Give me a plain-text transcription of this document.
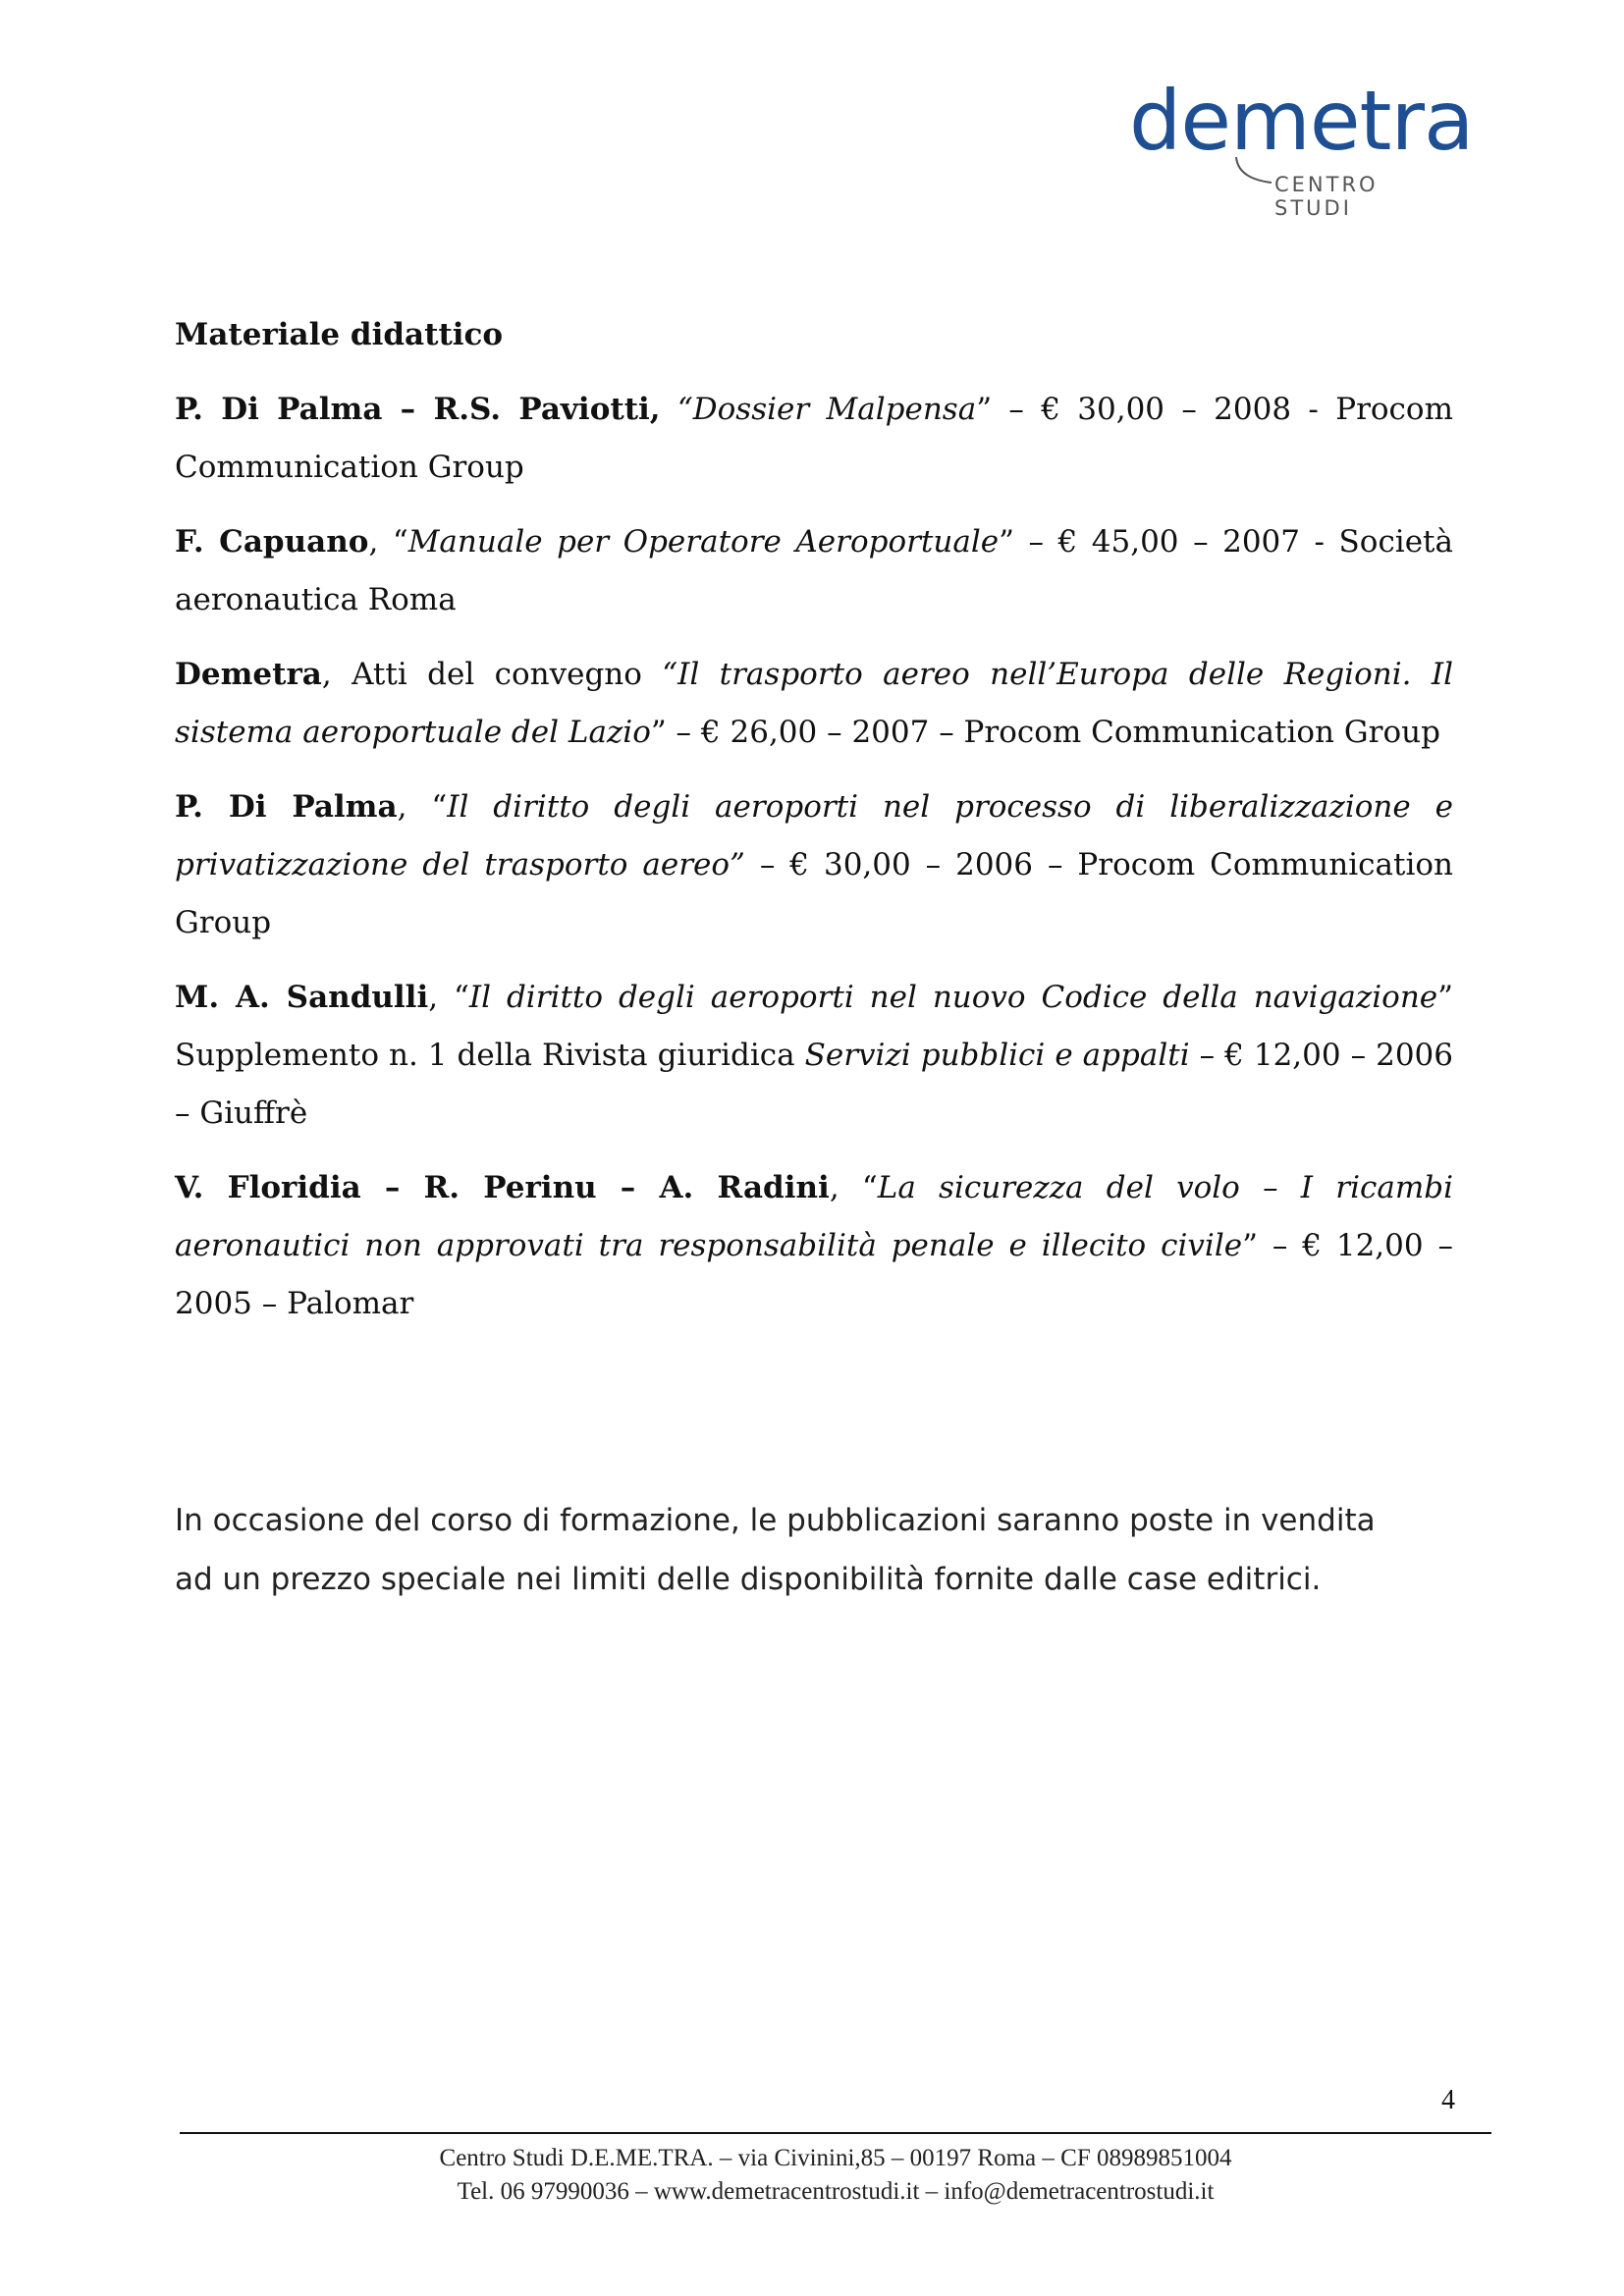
demetra
CENTRO STUDI

Materiale didattico

P. Di Palma – R.S. Paviotti, “Dossier Malpensa” – € 30,00 – 2008 - Procom Communication Group

F. Capuano, “Manuale per Operatore Aeroportuale” – € 45,00 – 2007 - Società aeronautica Roma

Demetra, Atti del convegno “Il trasporto aereo nell’Europa delle Regioni. Il sistema aeroportuale del Lazio” – € 26,00 – 2007 – Procom Communication Group

P. Di Palma, “Il diritto degli aeroporti nel processo di liberalizzazione e privatizzazione del trasporto aereo” – € 30,00 – 2006 – Procom Communication Group

M. A. Sandulli, “Il diritto degli aeroporti nel nuovo Codice della navigazione” Supplemento n. 1 della Rivista giuridica Servizi pubblici e appalti – € 12,00 – 2006 – Giuffrè

V. Floridia – R. Perinu – A. Radini, “La sicurezza del volo – I ricambi aeronautici non approvati tra responsabilità penale e illecito civile” – € 12,00 – 2005 – Palomar

In occasione del corso di formazione, le pubblicazioni saranno poste in vendita

ad un prezzo speciale nei limiti delle disponibilità fornite dalle case editrici.

4
Centro Studi D.E.ME.TRA. – via Civinini,85 – 00197 Roma – CF 08989851004
Tel. 06 97990036 – www.demetracentrostudi.it – info@demetracentrostudi.it
